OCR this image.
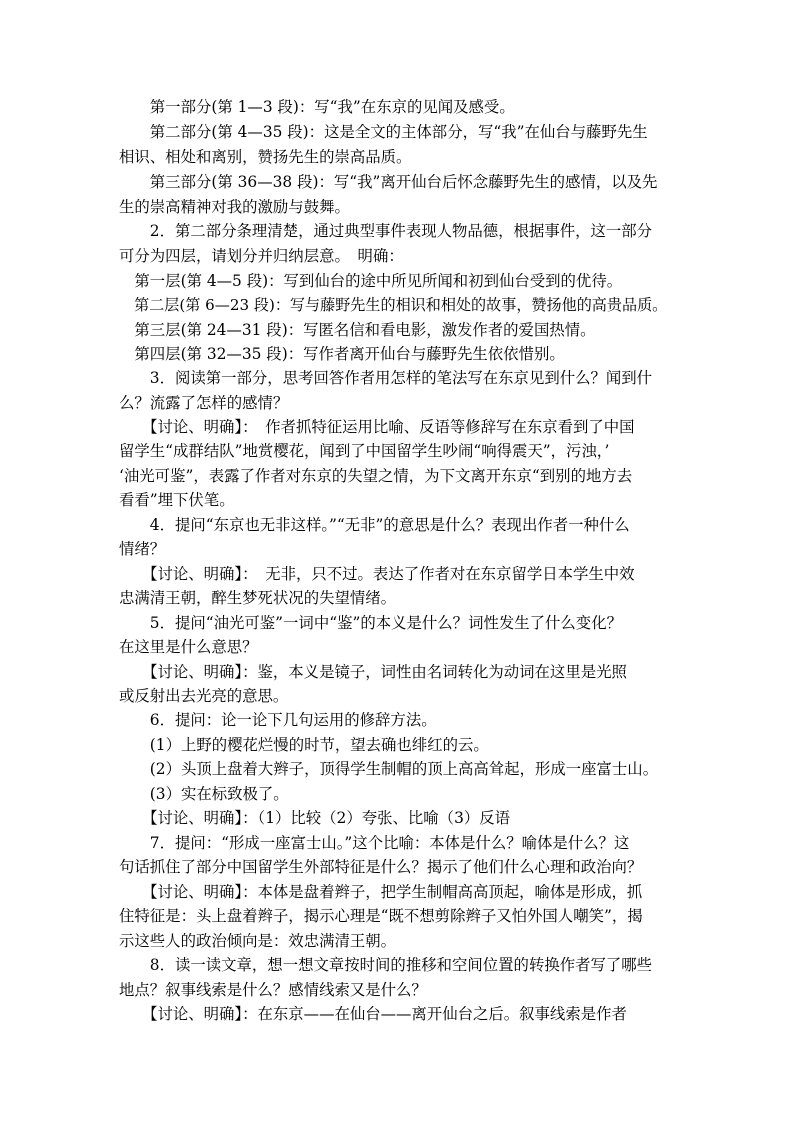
　　第一部分(第 1—3 段)：写“我”在东京的见闻及感受。
　　第二部分(第 4—35 段)：这是全文的主体部分，写“我”在仙台与藤野先生
相识、相处和离别，赞扬先生的崇高品质。
　　第三部分(第 36—38 段)：写“我”离开仙台后怀念藤野先生的感情，以及先
生的崇高精神对我的激励与鼓舞。
　　2．第二部分条理清楚，通过典型事件表现人物品德，根据事件，这一部分
可分为四层，请划分并归纳层意。　明确：
　第一层(第 4—5 段)：写到仙台的途中所见所闻和初到仙台受到的优待。
　第二层(第 6—23 段)：写与藤野先生的相识和相处的故事，赞扬他的高贵品质。
　第三层(第 24—31 段)：写匿名信和看电影，激发作者的爱国热情。
　第四层(第 32—35 段)：写作者离开仙台与藤野先生依依惜别。
　　3．阅读第一部分，思考回答作者用怎样的笔法写在东京见到什么？闻到什
么？流露了怎样的感情？
　　【讨论、明确】：　作者抓特征运用比喻、反语等修辞写在东京看到了中国
留学生“成群结队”地赏樱花，闻到了中国留学生吵闹“响得震天”，污浊，’
‘油光可鉴”，表露了作者对东京的失望之情，为下文离开东京“到别的地方去
看看”埋下伏笔。
　　4．提问“东京也无非这样。”“无非”的意思是什么？表现出作者一种什么
情绪？
　　【讨论、明确】：　无非，只不过。表达了作者对在东京留学日本学生中效
忠满清王朝，醉生梦死状况的失望情绪。
　　5．提问“油光可鉴”一词中“鉴”的本义是什么？词性发生了什么变化？
在这里是什么意思？
　　【讨论、明确】：鉴，本义是镜子，词性由名词转化为动词在这里是光照
或反射出去光亮的意思。
　　6．提问：论一论下几句运用的修辞方法。
　　(1）上野的樱花烂慢的时节，望去确也绯红的云。
　　(2）头顶上盘着大辫子，顶得学生制帽的顶上高高耸起，形成一座富士山。
　　(3）实在标致极了。
　　【讨论、明确】：（1）比较（2）夸张、比喻（3）反语
　　7．提问：“形成一座富士山。”这个比喻：本体是什么？喻体是什么？这
句话抓住了部分中国留学生外部特征是什么？揭示了他们什么心理和政治向？
　　【讨论、明确】：本体是盘着辫子，把学生制帽高高顶起，喻体是形成，抓
住特征是：头上盘着辫子，揭示心理是“既不想剪除辫子又怕外国人嘲笑”，揭
示这些人的政治倾向是：效忠满清王朝。
　　8．读一读文章，想一想文章按时间的推移和空间位置的转换作者写了哪些
地点？叙事线索是什么？感情线索又是什么？
　　【讨论、明确】：在东京——在仙台——离开仙台之后。叙事线索是作者
